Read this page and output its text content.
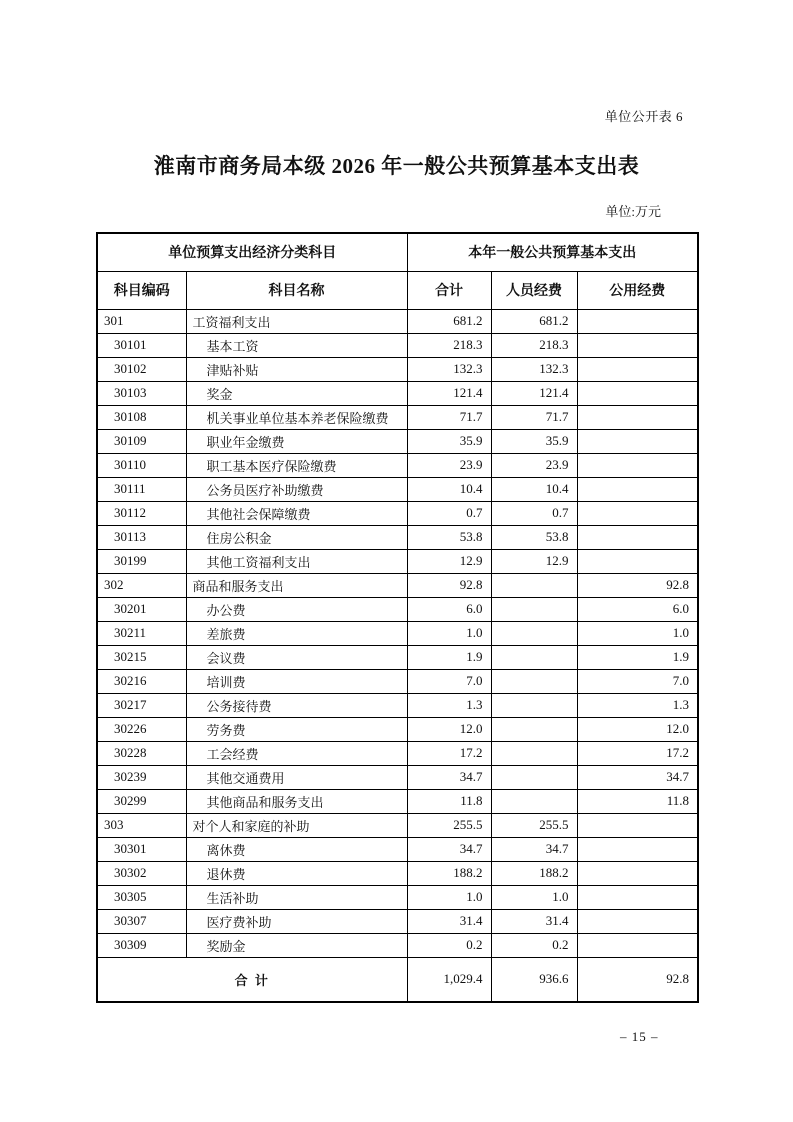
单位公开表 6
淮南市商务局本级 2026 年一般公共预算基本支出表
单位:万元
单位预算支出经济分类科目		本年一般公共预算基本支出		
科目编码	科目名称	合计	人员经费	公用经费
301	工资福利支出	681.2	681.2	
30101	基本工资	218.3	218.3	
30102	津贴补贴	132.3	132.3	
30103	奖金	121.4	121.4	
30108	机关事业单位基本养老保险缴费	71.7	71.7	
30109	职业年金缴费	35.9	35.9	
30110	职工基本医疗保险缴费	23.9	23.9	
30111	公务员医疗补助缴费	10.4	10.4	
30112	其他社会保障缴费	0.7	0.7	
30113	住房公积金	53.8	53.8	
30199	其他工资福利支出	12.9	12.9	
302	商品和服务支出	92.8		92.8
30201	办公费	6.0		6.0
30211	差旅费	1.0		1.0
30215	会议费	1.9		1.9
30216	培训费	7.0		7.0
30217	公务接待费	1.3		1.3
30226	劳务费	12.0		12.0
30228	工会经费	17.2		17.2
30239	其他交通费用	34.7		34.7
30299	其他商品和服务支出	11.8		11.8
303	对个人和家庭的补助	255.5	255.5	
30301	离休费	34.7	34.7	
30302	退休费	188.2	188.2	
30305	生活补助	1.0	1.0	
30307	医疗费补助	31.4	31.4	
30309	奖励金	0.2	0.2	
合 计		1,029.4	936.6	92.8
– 15 –
